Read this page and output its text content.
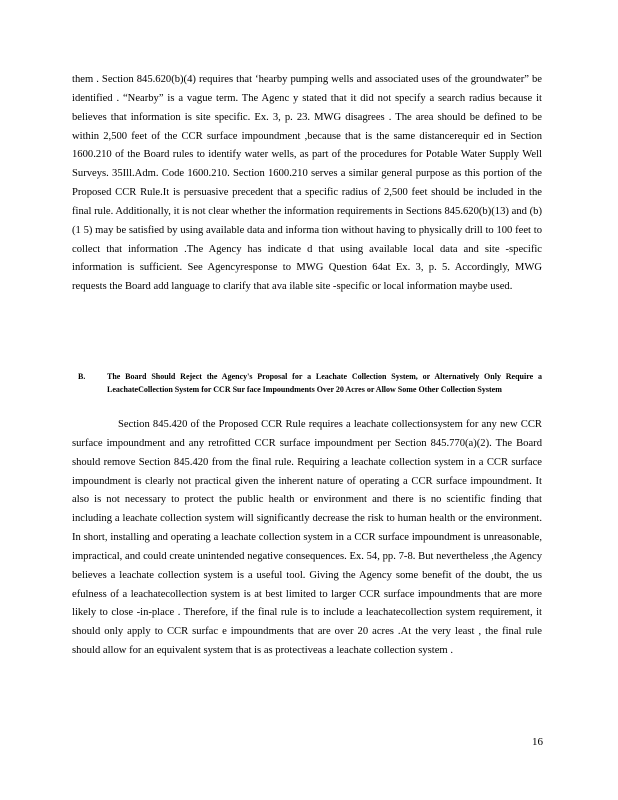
them . Section 845.620(b)(4) requires that ‘hearby pumping wells and associated uses of the groundwater” be identified . “Nearby” is a vague term. The Agenc y stated that it did not specify a search radius because it believes that information is site specific. Ex. 3, p. 23. MWG disagrees . The area should be defined to be within 2,500 feet of the CCR surface impoundment ,because that is the same distancerequir ed in Section 1600.210 of the Board rules to identify water wells, as part of the procedures for Potable Water Supply Well Surveys. 35Ill.Adm. Code 1600.210. Section 1600.210 serves a similar general purpose as this portion of the Proposed CCR Rule.It is persuasive precedent that a specific radius of 2,500 feet should be included in the final rule. Additionally, it is not clear whether the information requirements in Sections 845.620(b)(13) and (b)(1 5) may be satisfied by using available data and informa tion without having to physically drill to 100 feet to collect that information .The Agency has indicate d that using available local data and site -specific information is sufficient. See Agencyresponse to MWG Question 64at Ex. 3, p. 5. Accordingly, MWG requests the Board add language to clarify that ava ilable site -specific or local information maybe used.

B.	The Board Should Reject the Agency's Proposal for a Leachate Collection System, or Alternatively Only Require a LeachateCollection System for CCR Sur face Impoundments Over 20 Acres or Allow Some Other Collection System

Section 845.420 of the Proposed CCR Rule requires a leachate collectionsystem for any new CCR surface impoundment and any retrofitted CCR surface impoundment per Section 845.770(a)(2). The Board should remove Section 845.420 from the final rule. Requiring a leachate collection system in a CCR surface impoundment is clearly not practical given the inherent nature of operating a CCR surface impoundment. It also is not necessary to protect the public health or environment and there is no scientific finding that including a leachate collection system will significantly decrease the risk to human health or the environment. In short, installing and operating a leachate collection system in a CCR surface impoundment is unreasonable, impractical, and could create unintended negative consequences. Ex. 54, pp. 7-8. But nevertheless ,the Agency believes a leachate collection system is a useful tool. Giving the Agency some benefit of the doubt, the us efulness of a leachatecollection system is at best limited to larger CCR surface impoundments that are more likely to close -in-place . Therefore, if the final rule is to include a leachatecollection system requirement, it should only apply to CCR surfac e impoundments that are over 20 acres .At the very least , the final rule should allow for an equivalent system that is as protectiveas a leachate collection system .

16
